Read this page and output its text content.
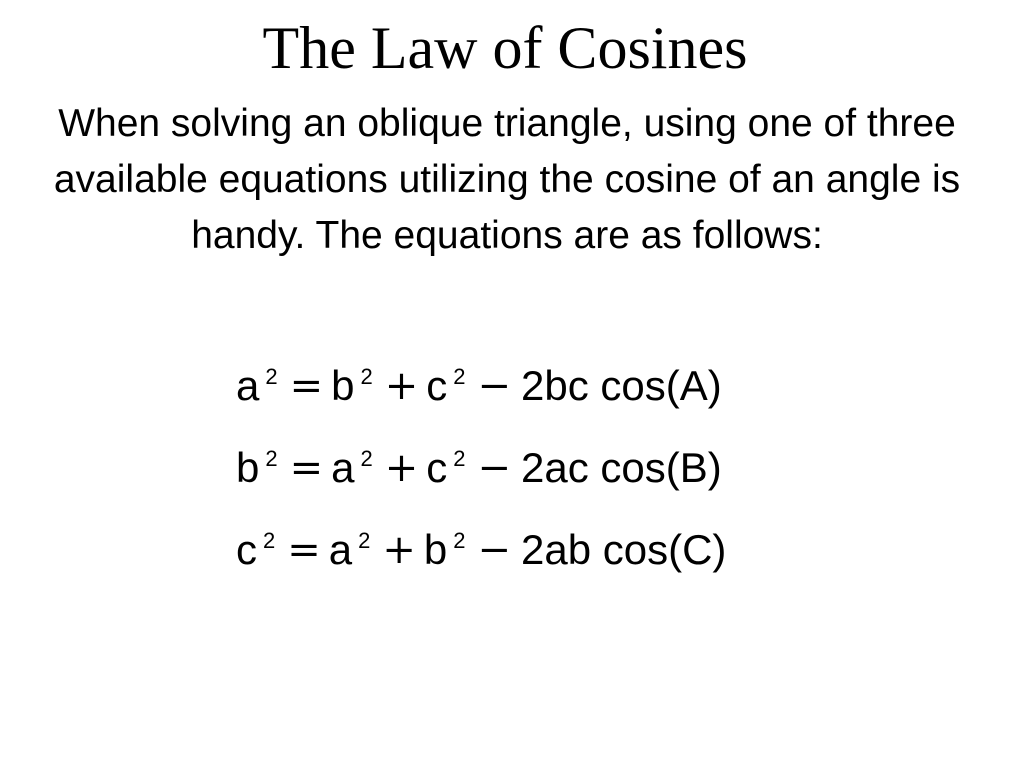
The Law of Cosines

When solving an oblique triangle, using one of three available equations utilizing the cosine of an angle is handy. The equations are as follows:

a $^2$ = b $^2$ + c $^2$ − 2bc cos(A)
b $^2$ = a $^2$ + c $^2$ − 2ac cos(B)
c $^2$ = a $^2$ + b $^2$ − 2ab cos(C)
